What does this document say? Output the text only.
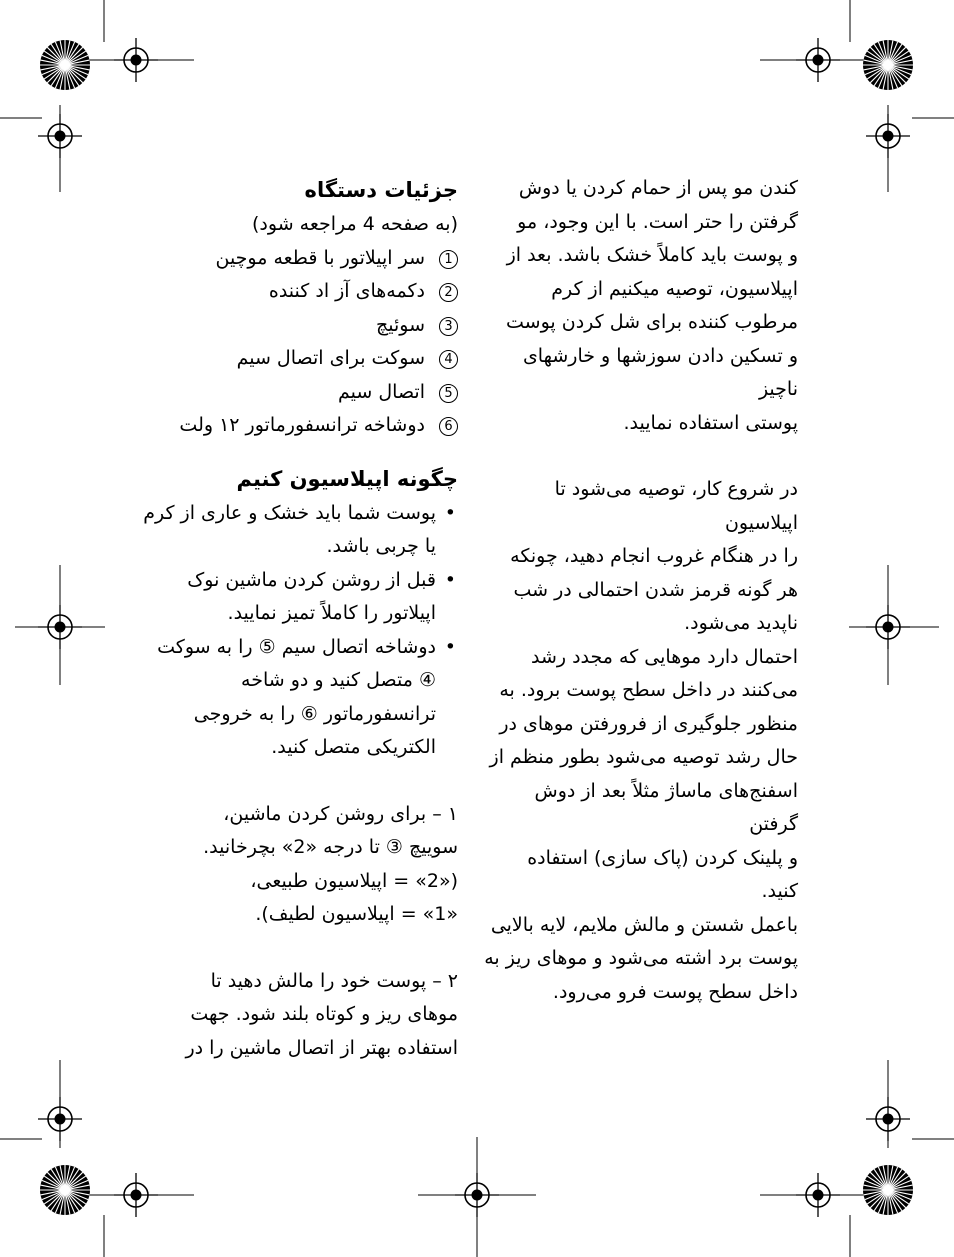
کندن مو پس از حمام کردن یا دوش
گرفتن را حتر است. با این وجود، مو
و پوست باید کاملاً خشک باشد. بعد از
اپیلاسیون، توصیه میکنیم از کرم
مرطوب کننده برای شل کردن پوست
و تسکین دادن سوزشها و خارشهای ناچیز
پوستی استفاده نمایید.

در شروع کار، توصیه می‌شود تا اپیلاسیون
را در هنگام غروب انجام دهید، چونکه
هر گونه قرمز شدن احتمالی در شب
ناپدید می‌شود.

احتمال دارد موهایی که مجدد رشد
می‌کنند در داخل سطح پوست برود. به
منظور جلوگیری از فرورفتن موهای در
حال رشد توصیه می‌شود بطور منظم از
اسفنج‌های ماساژ مثلاً بعد از دوش گرفتن
و پلینک کردن (پاک سازی) استفاده
کنید.

باعمل شستن و مالش ملایم، لایه بالایی
پوست برد اشته می‌شود و موهای ریز به
داخل سطح پوست فرو می‌رود.

جزئیات دستگاه
(به صفحه 4 مراجعه شود)
1
سر اپیلاتور با قطعه موچین
2
دکمه‌های آز اد کننده
3
سوئیچ
4
سوکت برای اتصال سیم
5
اتصال سیم
6
دوشاخه ترانسفورماتور ۱۲ ولت
چگونه اپیلاسیون کنیم
• پوست شما باید خشک و عاری از کرم
یا چربی باشد.
• قبل از روشن کردن ماشین نوک
اپیلاتور را کاملاً تمیز نمایید.
• دوشاخه اتصال سیم ⑤ را به سوکت
④ متصل کنید و دو شاخه
ترانسفورماتور ⑥ را به خروجی
الکتریکی متصل کنید.
۱ – برای روشن کردن ماشین،
سوییچ ③ تا درجه «2» بچرخانید.
(«2» = اپیلاسیون طبیعی،
«1» = اپیلاسیون لطیف).
۲ – پوست خود را مالش دهید تا
موهای ریز و کوتاه بلند شود. جهت
استفاده بهتر از اتصال ماشین را در
